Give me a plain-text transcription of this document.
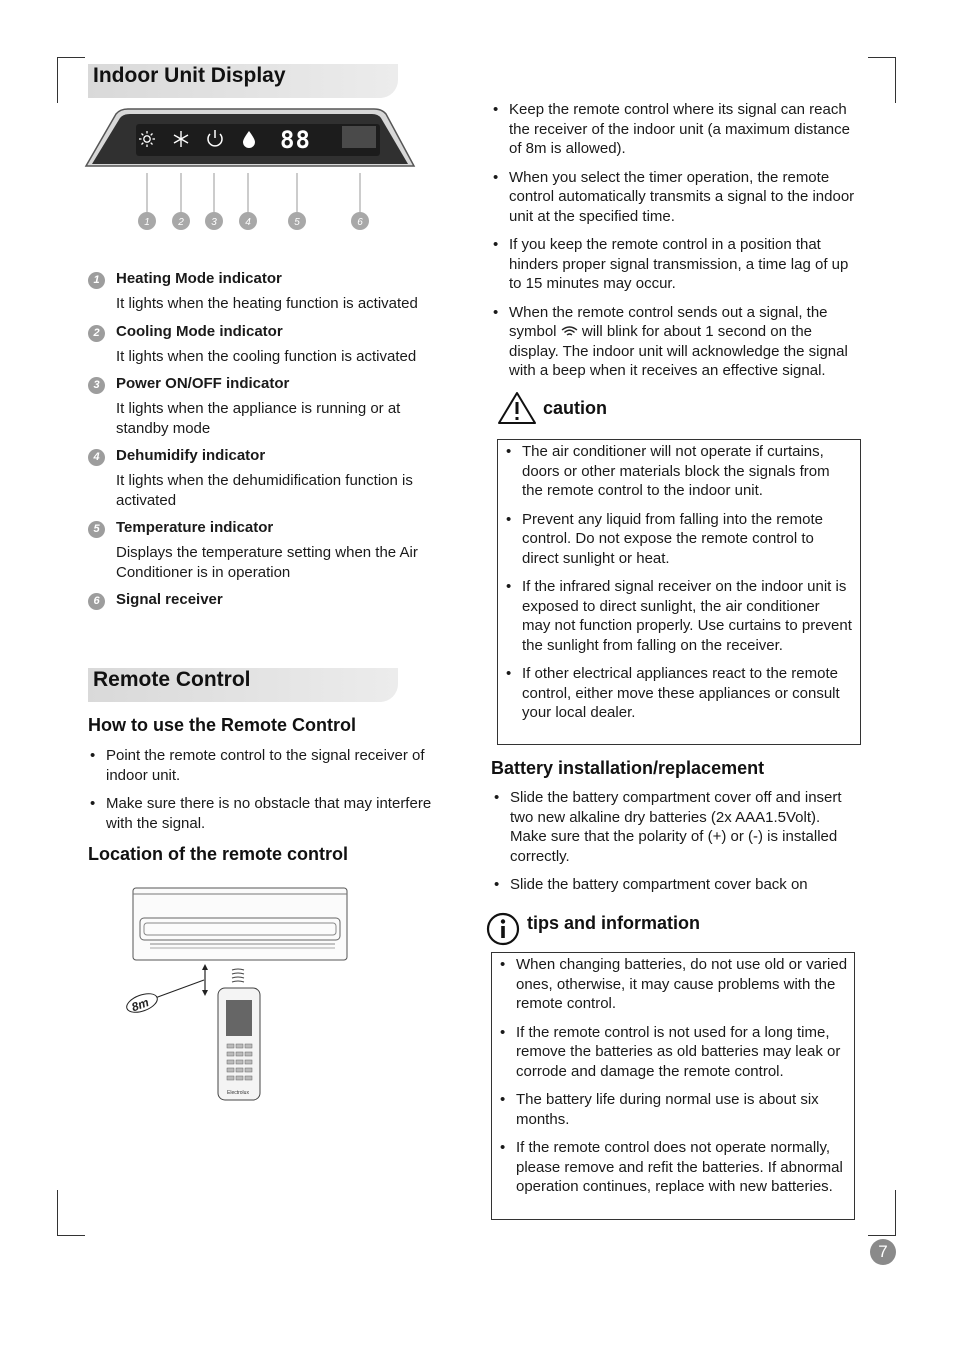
Indoor Unit Display
88
1	2	3	4	5	6
1	Heating Mode indicator
It lights when the heating function is activated
2	Cooling Mode indicator
It lights when the cooling function is activated
3	Power ON/OFF indicator
It lights when the appliance is running or at standby mode
4	Dehumidify indicator
It lights when the dehumidification function is activated
5	Temperature indicator
Displays the temperature setting when the Air Conditioner is in operation
6	Signal receiver
Remote Control
How to use the Remote Control
• Point the remote control to the signal receiver of indoor unit.
• Make sure there is no obstacle that may interfere with the signal.
Location of the remote control
8m
Electrolux
• Keep the remote control where its signal can reach the receiver of the indoor unit (a maximum distance of 8m is allowed).
• When you select the timer operation, the remote control automatically transmits a signal to the indoor unit at the specified time.
• If you keep the remote control in a position that hinders proper signal transmission, a time lag of up to 15 minutes may occur.
• When the remote control sends out a signal, the symbol will blink for about 1 second on the display. The indoor unit will acknowledge the signal with a beep when it receives an effective signal.
caution
• The air conditioner will not operate if curtains, doors or other materials block the signals from the remote control to the indoor unit.
• Prevent any liquid from falling into the remote control. Do not expose the remote control to direct sunlight or heat.
• If the infrared signal receiver on the indoor unit is exposed to direct sunlight, the air conditioner may not function properly. Use curtains to prevent the sunlight from falling on the receiver.
• If other electrical appliances react to the remote control, either move these appliances or consult your local dealer.
Battery installation/replacement
• Slide the battery compartment cover off and insert two new alkaline dry batteries (2x AAA1.5Volt). Make sure that the polarity of (+) or (-) is installed correctly.
• Slide the battery compartment cover back on
tips and information
• When changing batteries, do not use old or varied ones, otherwise, it may cause problems with the remote control.
• If the remote control is not used for a long time, remove the batteries as old batteries may leak or corrode and damage the remote control.
• The battery life during normal use is about six months.
• If the remote control does not operate normally, please remove and refit the batteries. If abnormal operation continues, replace with new batteries.
7
